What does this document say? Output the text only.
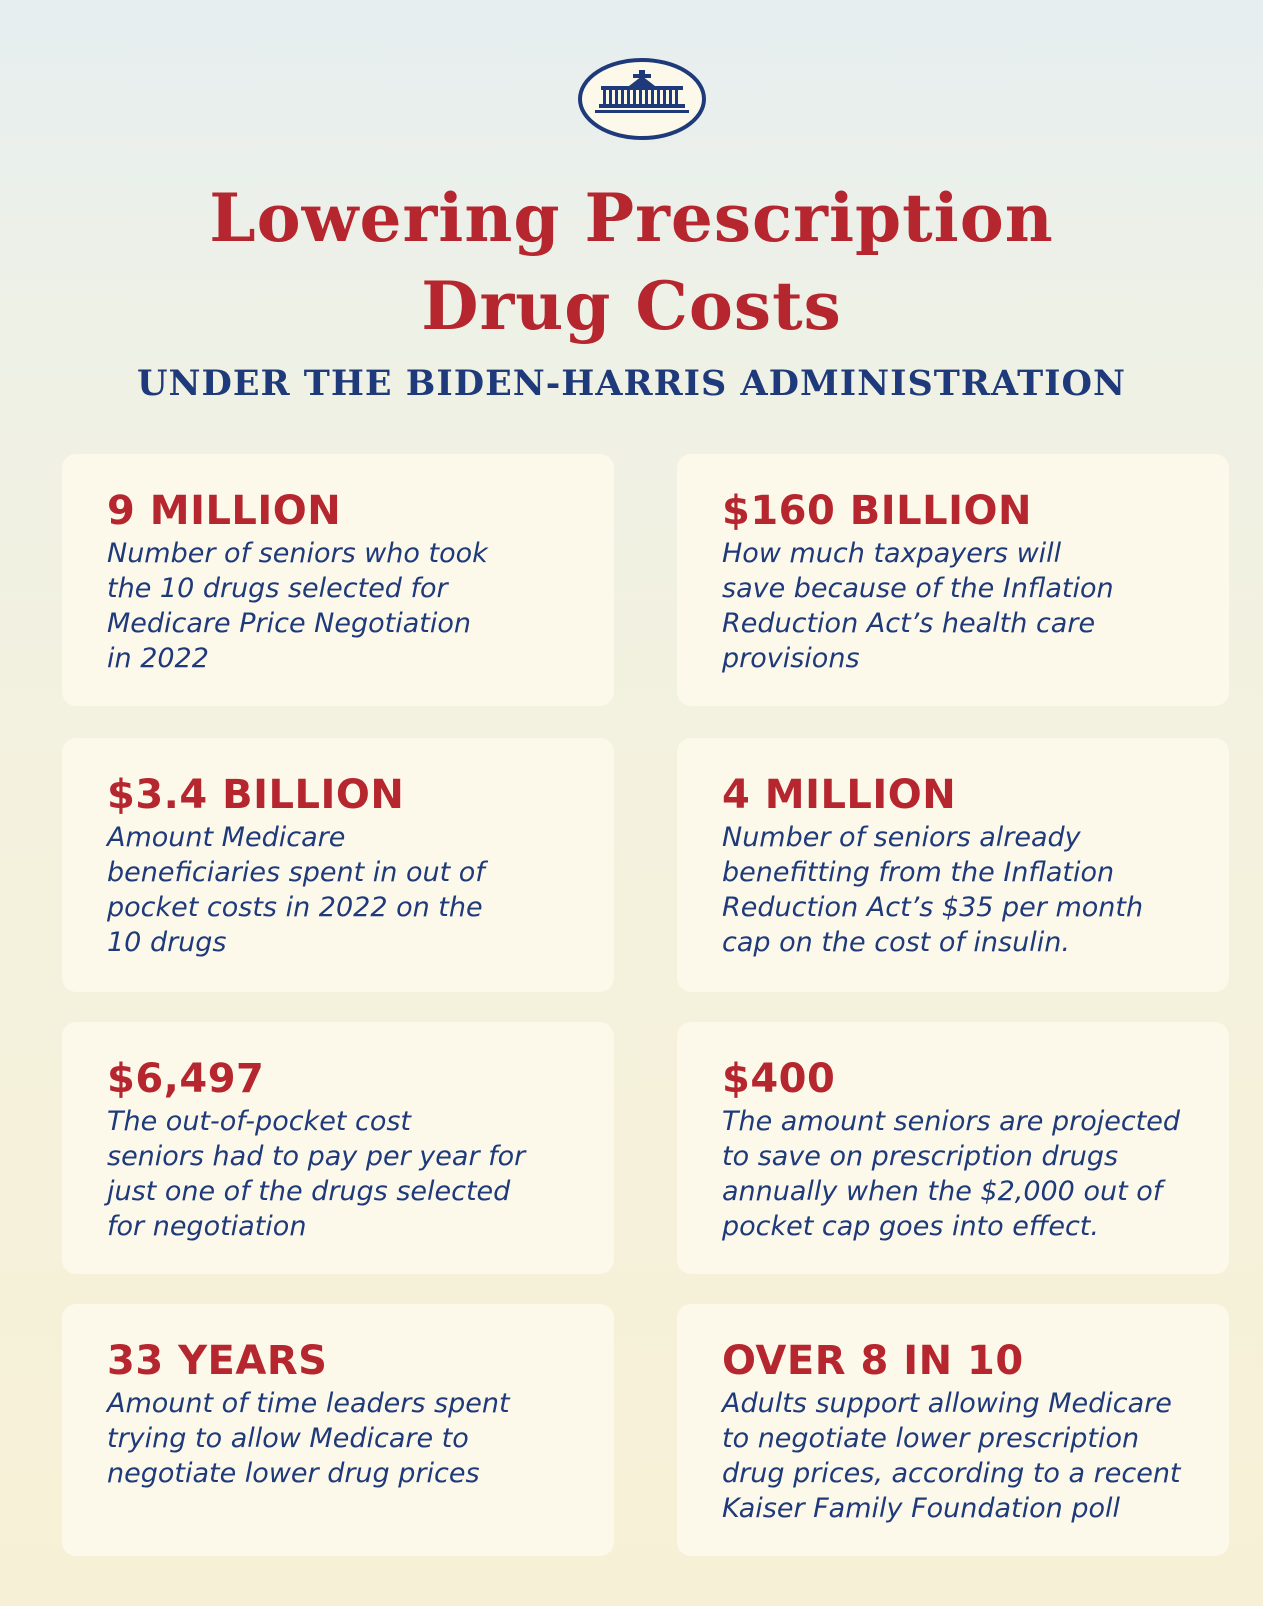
Lowering Prescription
Drug Costs
UNDER THE BIDEN-HARRIS ADMINISTRATION

9 MILLION

Number of seniors who took
the 10 drugs selected for
Medicare Price Negotiation
in 2022

$160 BILLION

How much taxpayers will
save because of the Inflation
Reduction Act’s health care
provisions

$3.4 BILLION

Amount Medicare
beneficiaries spent in out of
pocket costs in 2022 on the
10 drugs

4 MILLION

Number of seniors already
benefitting from the Inflation
Reduction Act’s $35 per month
cap on the cost of insulin.

$6,497

The out-of-pocket cost
seniors had to pay per year for
just one of the drugs selected
for negotiation

$400

The amount seniors are projected
to save on prescription drugs
annually when the $2,000 out of
pocket cap goes into effect.

33 YEARS

Amount of time leaders spent
trying to allow Medicare to
negotiate lower drug prices

OVER 8 IN 10

Adults support allowing Medicare
to negotiate lower prescription
drug prices, according to a recent
Kaiser Family Foundation poll
